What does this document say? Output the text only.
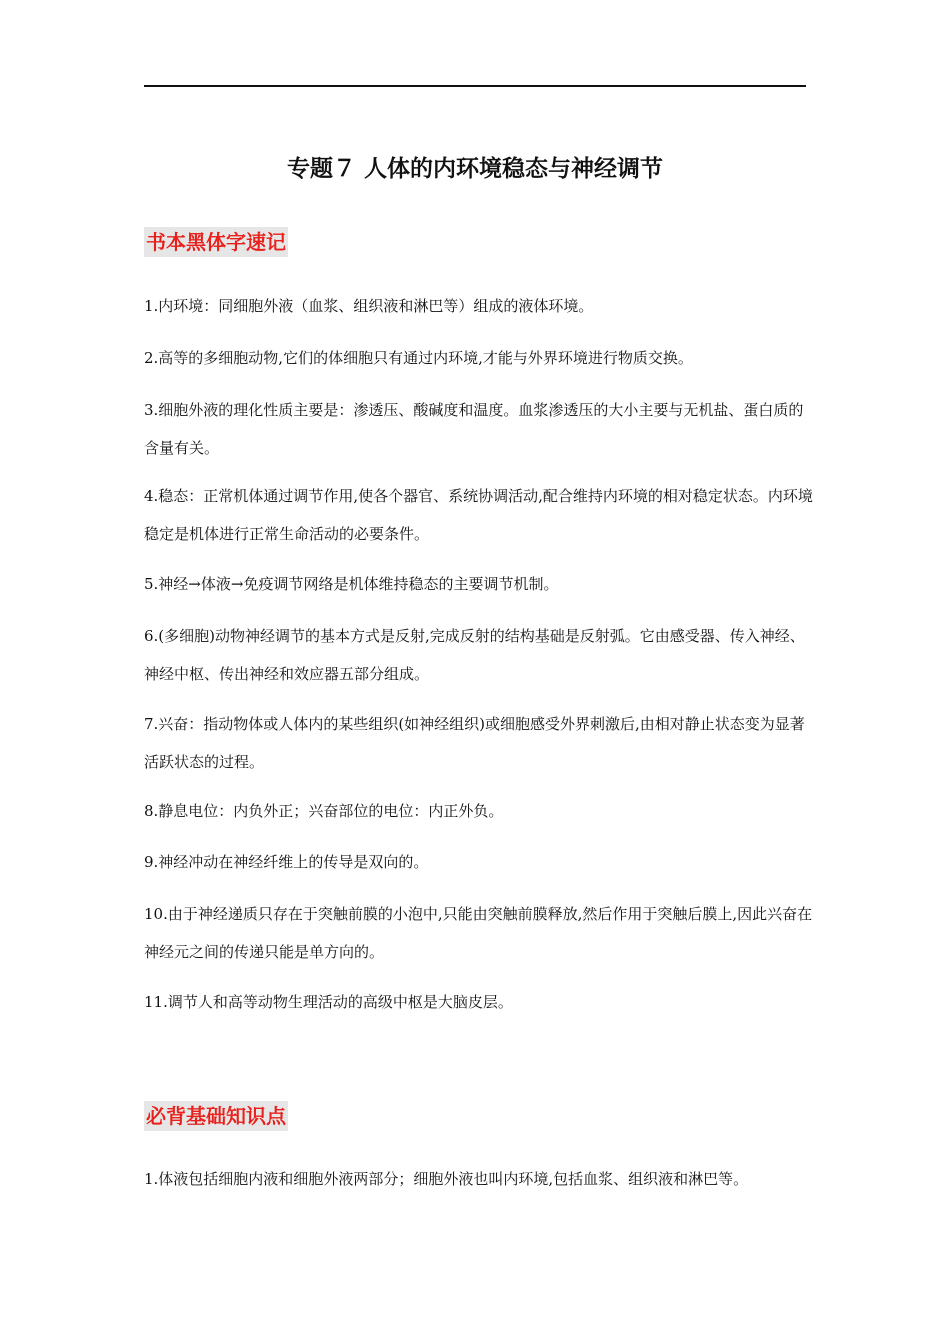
专题７ 人体的内环境稳态与神经调节
书本黑体字速记

1.内环境：同细胞外液（血浆、组织液和淋巴等）组成的液体环境。

2.高等的多细胞动物,它们的体细胞只有通过内环境,才能与外界环境进行物质交换。

3.细胞外液的理化性质主要是：渗透压、酸碱度和温度。血浆渗透压的大小主要与无机盐、蛋白质的含量有关。

4.稳态：正常机体通过调节作用,使各个器官、系统协调活动,配合维持内环境的相对稳定状态。内环境稳定是机体进行正常生命活动的必要条件。

5.神经→体液→免疫调节网络是机体维持稳态的主要调节机制。

6.(多细胞)动物神经调节的基本方式是反射,完成反射的结构基础是反射弧。它由感受器、传入神经、神经中枢、传出神经和效应器五部分组成。

7.兴奋：指动物体或人体内的某些组织(如神经组织)或细胞感受外界刺激后,由相对静止状态变为显著活跃状态的过程。

8.静息电位：内负外正；兴奋部位的电位：内正外负。

9.神经冲动在神经纤维上的传导是双向的。

10.由于神经递质只存在于突触前膜的小泡中,只能由突触前膜释放,然后作用于突触后膜上,因此兴奋在神经元之间的传递只能是单方向的。

11.调节人和高等动物生理活动的高级中枢是大脑皮层。

必背基础知识点

1.体液包括细胞内液和细胞外液两部分；细胞外液也叫内环境,包括血浆、组织液和淋巴等。
